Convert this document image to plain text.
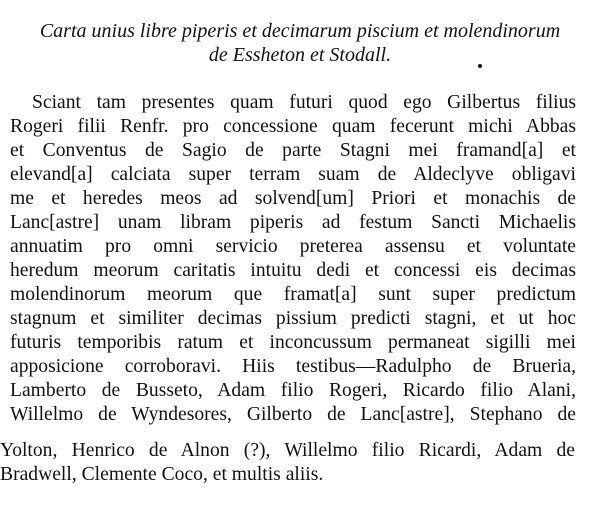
Carta unius libre piperis et decimarum piscium et molendinorum
de Essheton et Stodall.
Sciant tam presentes quam futuri quod ego Gilbertus filius
Rogeri filii Renfr. pro concessione quam fecerunt michi Abbas
et Conventus de Sagio de parte Stagni mei framand[a] et
elevand[a] calciata super terram suam de Aldeclyve obligavi
me et heredes meos ad solvend[um] Priori et monachis de
Lanc[astre] unam libram piperis ad festum Sancti Michaelis
annuatim pro omni servicio preterea assensu et voluntate
heredum meorum caritatis intuitu dedi et concessi eis decimas
molendinorum meorum que framat[a] sunt super predictum
stagnum et similiter decimas pissium predicti stagni, et ut hoc
futuris temporibis ratum et inconcussum permaneat sigilli mei
apposicione corroboravi. Hiis testibus—Radulpho de Brueria,
Lamberto de Busseto, Adam filio Rogeri, Ricardo filio Alani,
Willelmo de Wyndesores, Gilberto de Lanc[astre], Stephano de
Yolton, Henrico de Alnon (?), Willelmo filio Ricardi, Adam de
Bradwell, Clemente Coco, et multis aliis.
